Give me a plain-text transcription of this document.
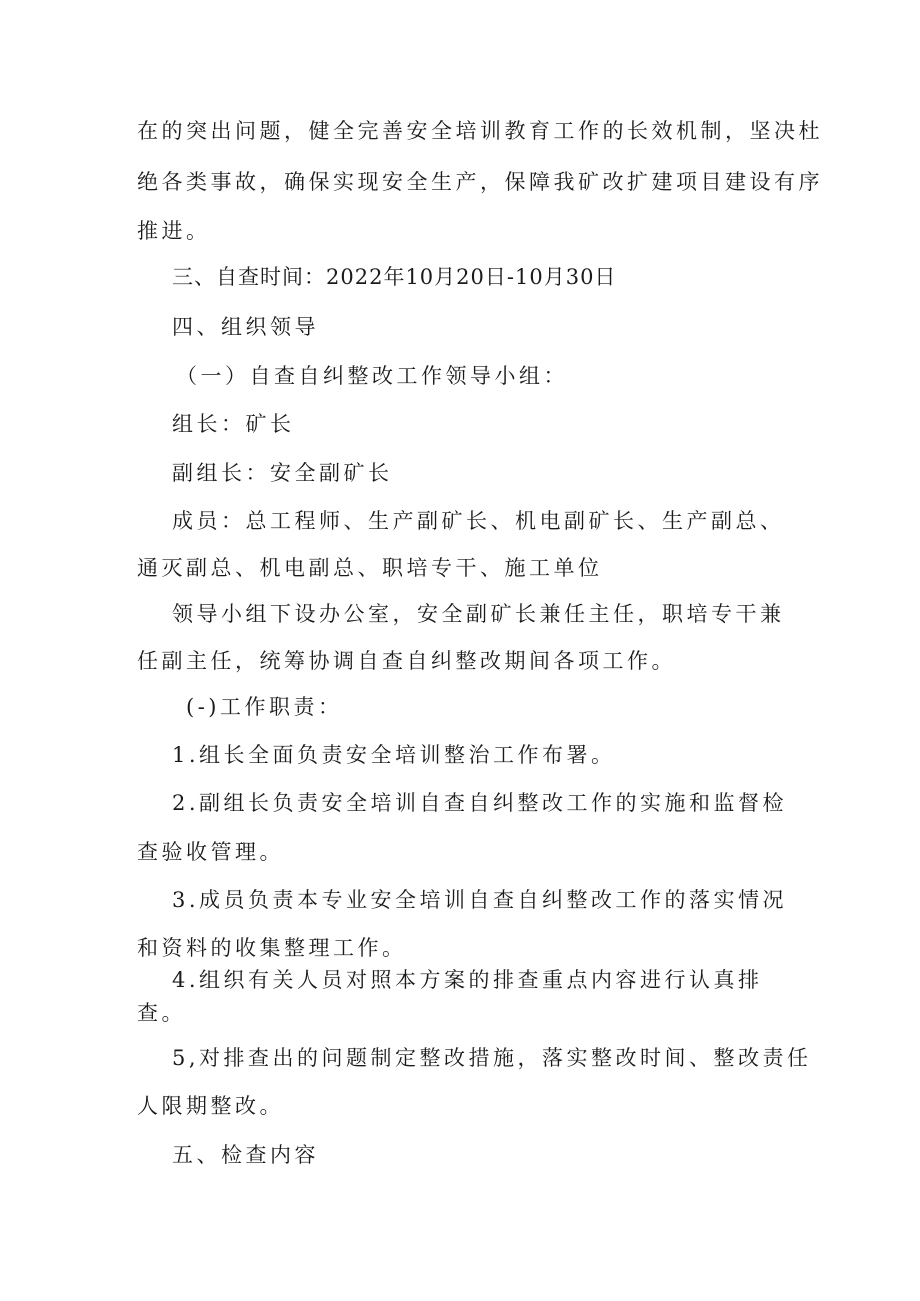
在的突出问题，健全完善安全培训教育工作的长效机制，坚决杜
绝各类事故，确保实现安全生产，保障我矿改扩建项目建设有序
推进。
三、自查时间：2022年10月20日-10月30日
四、组织领导
（一）自查自纠整改工作领导小组：
组长：矿长
副组长：安全副矿长
成员：总工程师、生产副矿长、机电副矿长、生产副总、
通灭副总、机电副总、职培专干、施工单位
领导小组下设办公室，安全副矿长兼任主任，职培专干兼
任副主任，统筹协调自查自纠整改期间各项工作。
(-)工作职责：
1.组长全面负责安全培训整治工作布署。
2.副组长负责安全培训自查自纠整改工作的实施和监督检
查验收管理。
3.成员负责本专业安全培训自查自纠整改工作的落实情况
和资料的收集整理工作。
4.组织有关人员对照本方案的排查重点内容进行认真排
查。
5,对排查出的问题制定整改措施，落实整改时间、整改责任
人限期整改。
五、检查内容
